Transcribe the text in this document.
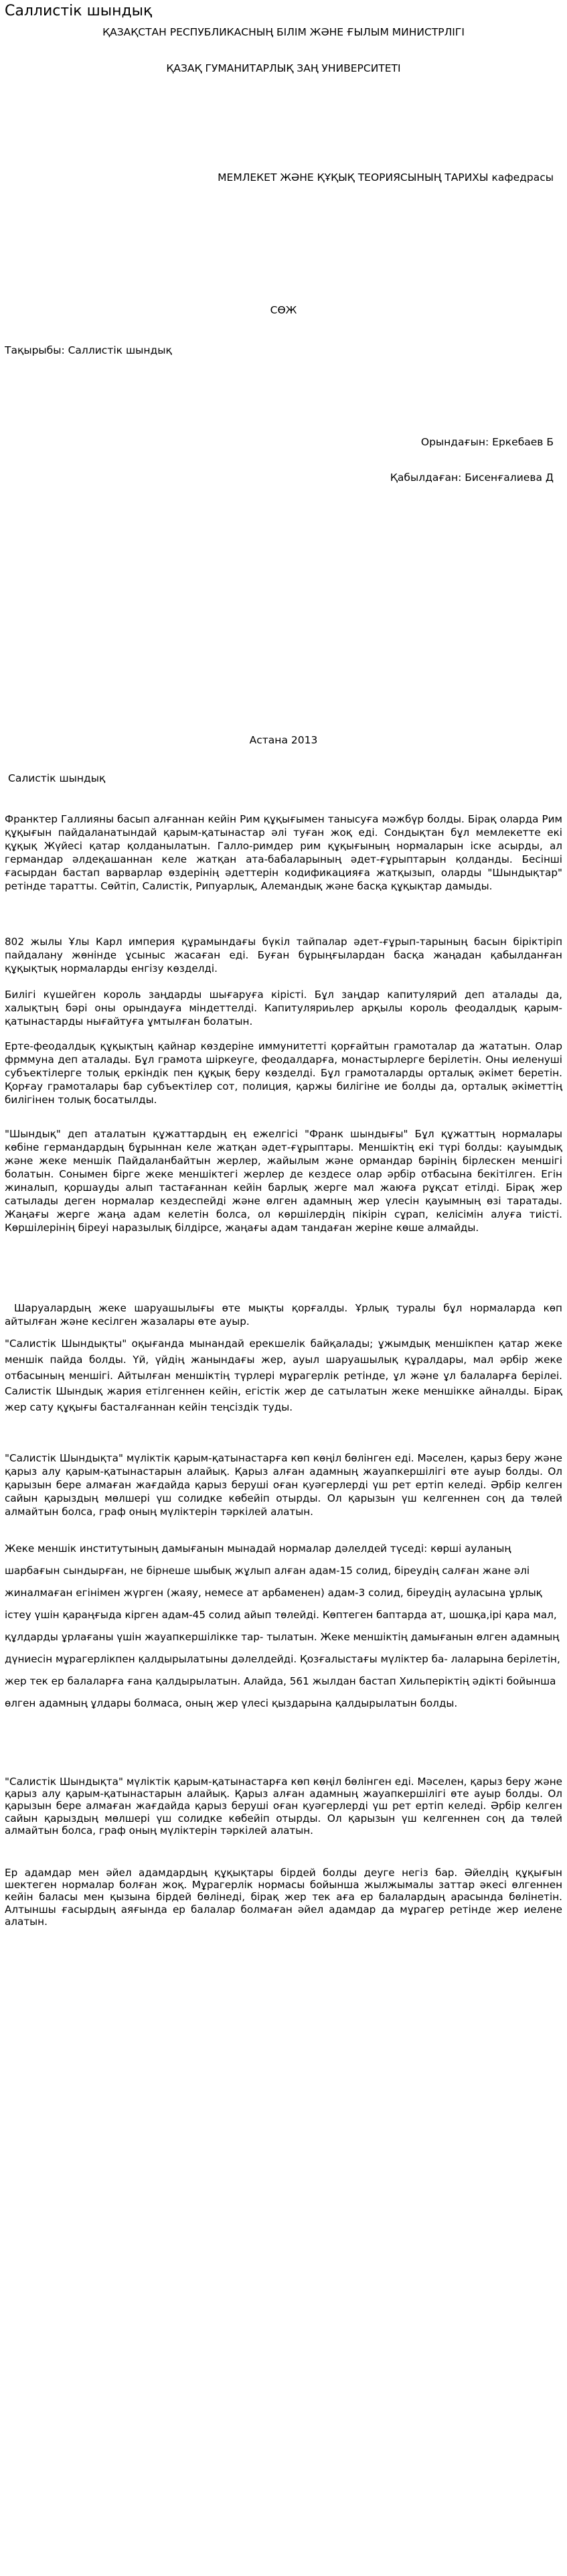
Саллистік шындық
ҚАЗАҚСТАН РЕСПУБЛИКАСНЫҢ БІЛІМ ЖӘНЕ ҒЫЛЫМ МИНИСТРЛІГІ
ҚАЗАҚ ГУМАНИТАРЛЫҚ ЗАҢ УНИВЕРСИТЕТІ
МЕМЛЕКЕТ ЖӘНЕ ҚҰҚЫҚ ТЕОРИЯСЫНЫҢ ТАРИХЫ кафедрасы
СӨЖ
Тақырыбы: Саллистік шындық
Орындағын: Еркебаев Б
Қабылдаған: Бисенғалиева Д
Астана 2013
Салистік шындық
Франктер Галлияны басып алғаннан кейін Рим құқығымен танысуға мәжбүр болды. Бірақ оларда Рим құқығын пайдаланатындай қарым-қатынастар әлі туған жоқ еді. Сондықтан бұл мемлекетте екі құқық Жүйесі қатар қолданылатын. Галло-римдер рим құқығының нормаларын іске асырды, ал германдар әлдеқашаннан келе жатқан ата-бабаларының әдет-ғұрыптарын қолданды. Бесінші ғасырдан бастап варварлар өздерінің әдеттерін кодификацияға жатқызып, оларды "Шындықтар" ретінде таратты. Сөйтіп, Салистік, Рипуарлық, Алемандық және басқа құқықтар дамыды.
802 жылы Ұлы Карл империя құрамындағы бүкіл тайпалар әдет-ғұрып-тарының басын біріктіріп пайдалану жөнінде ұсыныс жасаған еді. Буған бұрыңғылардан басқа жаңадан қабылданған құқықтық нормаларды енгізу көзделді.
Билігі күшейген король заңдарды шығаруға кірісті. Бұл заңдар капитулярий деп аталады да, халықтың бәрі оны орындауға міндеттелді. Капитуляриьлер арқылы король феодалдық қарым-қатынастарды нығайтуға ұмтылған болатын.
Ерте-феодалдық құқықтың қайнар көздеріне иммунитетті қорғайтын грамоталар да жататын. Олар фрммуна деп аталады. Бұл грамота шіркеуге, феодалдарға, монастырлерге берілетін. Оны иеленуші субъектілерге толық еркіндік пен құқық беру көзделді. Бұл грамоталарды орталық әкімет беретін. Қорғау грамоталары бар субъектілер сот, полиция, қаржы билігіне ие болды да, орталық әкіметтің билігінен толық босатылды.
"Шындық" деп аталатын құжаттардың ең ежелгісі "Франк шындығы" Бұл құжаттың нормалары көбіне германдардың бұрыннан келе жатқан әдет-ғұрыптары. Меншіктің екі түрі болды: қауымдық және жеке меншік Пайдаланбайтын жерлер, жайылым және ормандар бәрінің бірлескен меншігі болатын. Сонымен бірге жеке меншіктегі жерлер де кездесе олар әрбір отбасына бекітілген. Егін жиналып, қоршауды алып тастағаннан кейін барлық жерге мал жаюға рұқсат етілді. Бірақ жер сатылады деген нормалар кездеспейді және өлген адамның жер үлесін қауымның өзі таратады. Жаңағы жерге жаңа адам келетін болса, ол көршілердің пікірін сұрап, келісімін алуға тиісті. Көршілерінің біреуі наразылық білдірсе, жаңағы адам тандаған жеріне көше алмайды.
Шаруалардың жеке шаруашылығы өте мықты қорғалды. Ұрлық туралы бұл нормаларда көп айтылған және кесілген жазалары өте ауыр.
"Салистік Шындықты" оқығанда мынандай ерекшелік байқалады; ұжымдық меншікпен қатар жеке меншік пайда болды. Үй, үйдің жанындағы жер, ауыл шаруашылық құралдары, мал әрбір жеке отбасының меншігі. Айтылған меншіктің түрлері мұрагерлік ретінде, ұл және ұл балаларға берілеі. Салистік Шындық жария етілгеннен кейін, егістік жер де сатылатын жеке меншікке айналды. Бірақ жер сату құқығы басталғаннан кейін теңсіздік туды.
"Салистік Шындықта" мүліктік қарым-қатынастарға көп көңіл бөлінген еді. Мәселен, қарыз беру және қарыз алу қарым-қатынастарын алайық. Қарыз алған адамның жауапкершілігі өте ауыр болды. Ол қарызын бере алмаған жағдайда қарыз беруші оған қуәгерлерді үш рет ертіп келеді. Әрбір келген сайын қарыздың мөлшері үш солидке көбейіп отырды. Ол қарызын үш келгеннен соң да төлей алмайтын болса, граф оның мүліктерін тәркілей алатын.
Жеке меншік институтының дамығанын мынадай нормалар дәлелдей түседі: көрші ауланың шарбағын сындырған, не бірнеше шыбық жұлып алған адам-15 солид, біреудің салған жане әлі жиналмаған егінімен жүрген (жаяу, немесе ат арбаменен) адам-3 солид, біреудің ауласына ұрлық істеу үшін қараңғыда кірген адам-45 солид айып төлейді. Көптеген баптарда ат, шошқа,ірі қара мал, құлдарды ұрлағаны үшін жауапкершілікке тар- тылатын. Жеке меншіктің дамығанын өлген адамның дүниесін мұрагерлікпен қалдырылатыны дәлелдейді. Қозғалыстағы мүліктер ба- лаларына берілетін, жер тек ер балаларға ғана қалдырылатын. Алайда, 561 жылдан бастап Хильперіктің әдікті бойынша өлген адамның ұлдары болмаса, оның жер үлесі қыздарына қалдырылатын болды.
"Салистік Шындықта" мүліктік қарым-қатынастарға көп көңіл бөлінген еді. Мәселен, қарыз беру және қарыз алу қарым-қатынастарын алайық. Қарыз алған адамның жауапкершілігі өте ауыр болды. Ол қарызын бере алмаған жағдайда қарыз беруші оған қуәгерлерді үш рет ертіп келеді. Әрбір келген сайын қарыздың мөлшері үш солидке көбейіп отырды. Ол қарызын үш келгеннен соң да төлей алмайтын болса, граф оның мүліктерін тәркілей алатын.
Ер адамдар мен әйел адамдардың құқықтары бірдей болды деуге негіз бар. Әйелдің құқығын шектеген нормалар болған жоқ. Мұрагерлік нормасы бойынша жылжымалы заттар әкесі өлгеннен кейін баласы мен қызына бірдей бөлінеді, бірақ жер тек аға ер балалардың арасында бөлінетін. Алтыншы ғасырдың аяғында ер балалар болмаған әйел адамдар да мұрагер ретінде жер иелене алатын.
